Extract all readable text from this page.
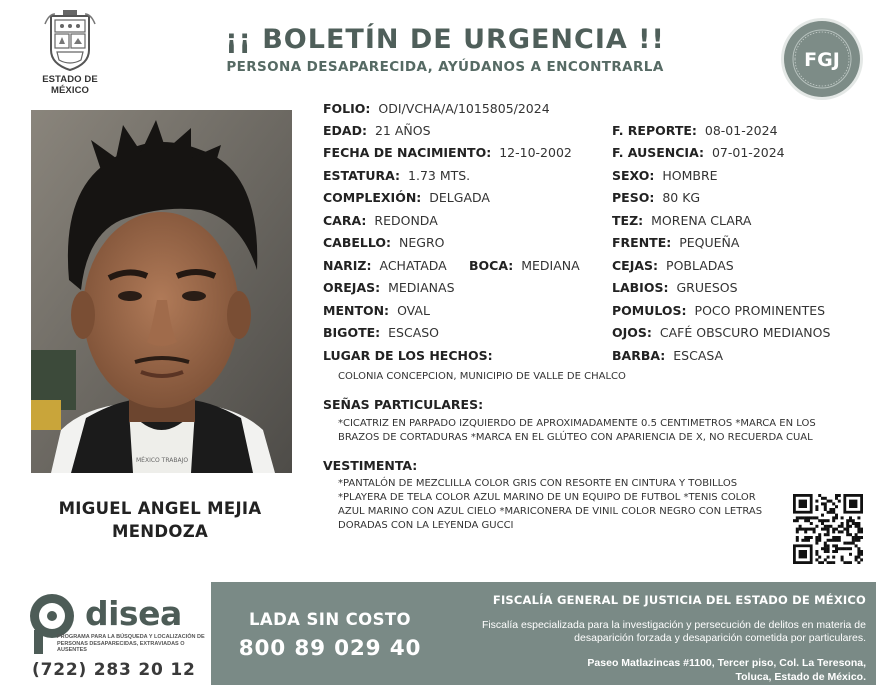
ESTADO DE MÉXICO
¡¡ BOLETÍN DE URGENCIA !!
PERSONA DESAPARECIDA, AYÚDANOS A ENCONTRARLA	FGJ
MÉXICO TRABAJO
MIGUEL ANGEL MEJIA
MENDOZA
FOLIO: ODI/VCHA/A/1015805/2024
EDAD: 21 AÑOS
FECHA DE NACIMIENTO: 12-10-2002
ESTATURA: 1.73 MTS.
COMPLEXIÓN: DELGADA
CARA: REDONDA
CABELLO: NEGRO
NARIZ: ACHATADA BOCA: MEDIANA
OREJAS: MEDIANAS
MENTON: OVAL
BIGOTE: ESCASO
LUGAR DE LOS HECHOS:
F. REPORTE: 08-01-2024
F. AUSENCIA: 07-01-2024
SEXO: HOMBRE
PESO: 80 KG
TEZ: MORENA CLARA
FRENTE: PEQUEÑA
CEJAS: POBLADAS
LABIOS: GRUESOS
POMULOS: POCO PROMINENTES
OJOS: CAFÉ OBSCURO MEDIANOS
BARBA: ESCASA
COLONIA CONCEPCION, MUNICIPIO DE VALLE DE CHALCO
SEÑAS PARTICULARES:
*CICATRIZ EN PARPADO IZQUIERDO DE APROXIMADAMENTE 0.5 CENTIMETROS *MARCA EN LOS BRAZOS DE CORTADURAS *MARCA EN EL GLÚTEO CON APARIENCIA DE X, NO RECUERDA CUAL
VESTIMENTA:
*PANTALÓN DE MEZCLILLA COLOR GRIS CON RESORTE EN CINTURA Y TOBILLOS *PLAYERA DE TELA COLOR AZUL MARINO DE UN EQUIPO DE FUTBOL *TENIS COLOR AZUL MARINO CON AZUL CIELO *MARICONERA DE VINIL COLOR NEGRO CON LETRAS DORADAS CON LA LEYENDA GUCCI
disea
PROGRAMA PARA LA BÚSQUEDA Y LOCALIZACIÓN DE PERSONAS DESAPARECIDAS, EXTRAVIADAS O AUSENTES
(722) 283 20 12
LADA SIN COSTO
800 89 029 40
FISCALÍA GENERAL DE JUSTICIA DEL ESTADO DE MÉXICO
Fiscalía especializada para la investigación y persecución de delitos en materia de desaparición forzada y desaparición cometida por particulares.
Paseo Matlazincas #1100, Tercer piso, Col. La Teresona,
Toluca, Estado de México.
